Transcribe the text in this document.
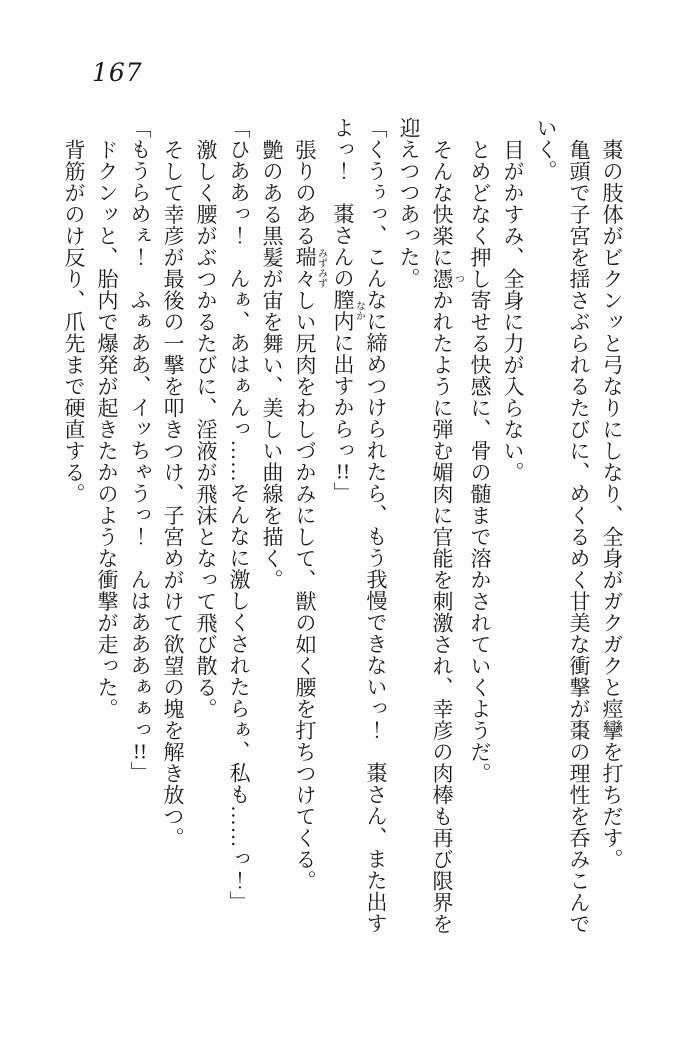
167

棗の肢体がビクンッと弓なりにしなり、全身がガクガクと痙攣を打ちだす。

亀頭で子宮を揺さぶられるたびに、めくるめく甘美な衝撃が棗の理性を呑みこんでいく。

目がかすみ、全身に力が入らない。

とめどなく押し寄せる快感に、骨の髄まで溶かされていくようだ。

そんな快楽に憑つかれたように弾む媚肉に官能を刺激され、幸彦の肉棒も再び限界を迎えつつあった。

「くうぅっ、こんなに締めつけられたら、もう我慢できないっ！　棗さん、また出すよっ！　棗さんの膣内なかに出すからっ!!」

張りのある瑞々みずみずしい尻肉をわしづかみにして、獣の如く腰を打ちつけてくる。

艶のある黒髪が宙を舞い、美しい曲線を描く。

「ひああっ！　んぁ、あはぁんっ……そんなに激しくされたらぁ、私も……っ！」

激しく腰がぶつかるたびに、淫液が飛沫となって飛び散る。

そして幸彦が最後の一撃を叩きつけ、子宮めがけて欲望の塊を解き放つ。

「もうらめぇ！　ふぁああ、イッちゃうっ！　んはあああぁぁっ!!」

ドクンッと、胎内で爆発が起きたかのような衝撃が走った。

背筋がのけ反り、爪先まで硬直する。
